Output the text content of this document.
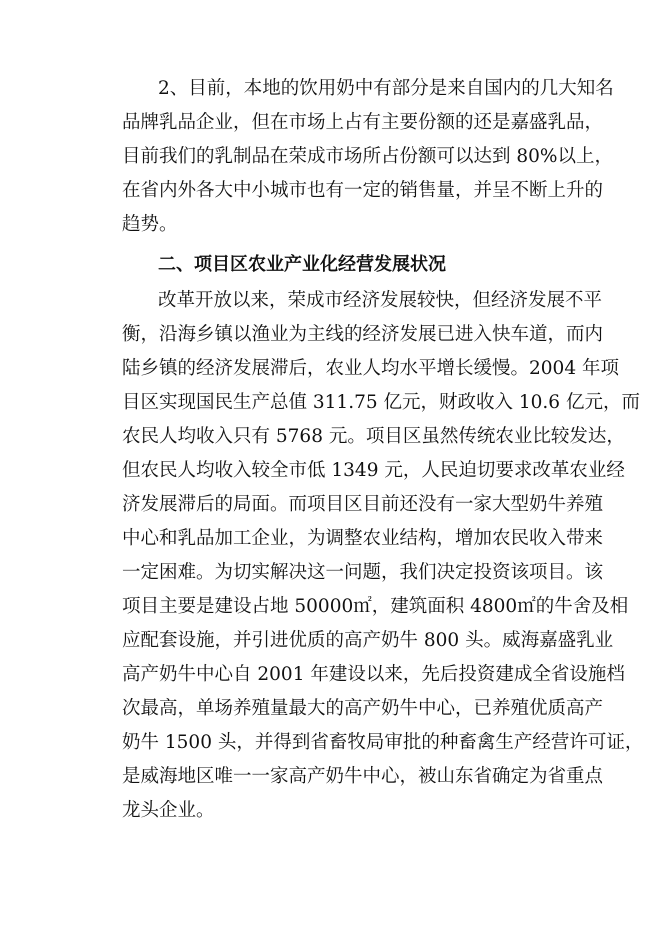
2、目前，本地的饮用奶中有部分是来自国内的几大知名
品牌乳品企业，但在市场上占有主要份额的还是嘉盛乳品，
目前我们的乳制品在荣成市场所占份额可以达到 80%以上，
在省内外各大中小城市也有一定的销售量，并呈不断上升的
趋势。
二、项目区农业产业化经营发展状况
改革开放以来，荣成市经济发展较快，但经济发展不平
衡，沿海乡镇以渔业为主线的经济发展已进入快车道，而内
陆乡镇的经济发展滞后，农业人均水平增长缓慢。2004 年项
目区实现国民生产总值 311.75 亿元，财政收入 10.6 亿元，而
农民人均收入只有 5768 元。项目区虽然传统农业比较发达，
但农民人均收入较全市低 1349 元，人民迫切要求改革农业经
济发展滞后的局面。而项目区目前还没有一家大型奶牛养殖
中心和乳品加工企业，为调整农业结构，增加农民收入带来
一定困难。为切实解决这一问题，我们决定投资该项目。该
项目主要是建设占地 50000㎡，建筑面积 4800㎡的牛舍及相
应配套设施，并引进优质的高产奶牛 800 头。威海嘉盛乳业
高产奶牛中心自 2001 年建设以来，先后投资建成全省设施档
次最高，单场养殖量最大的高产奶牛中心，已养殖优质高产
奶牛 1500 头，并得到省畜牧局审批的种畜禽生产经营许可证，
是威海地区唯一一家高产奶牛中心，被山东省确定为省重点
龙头企业。
